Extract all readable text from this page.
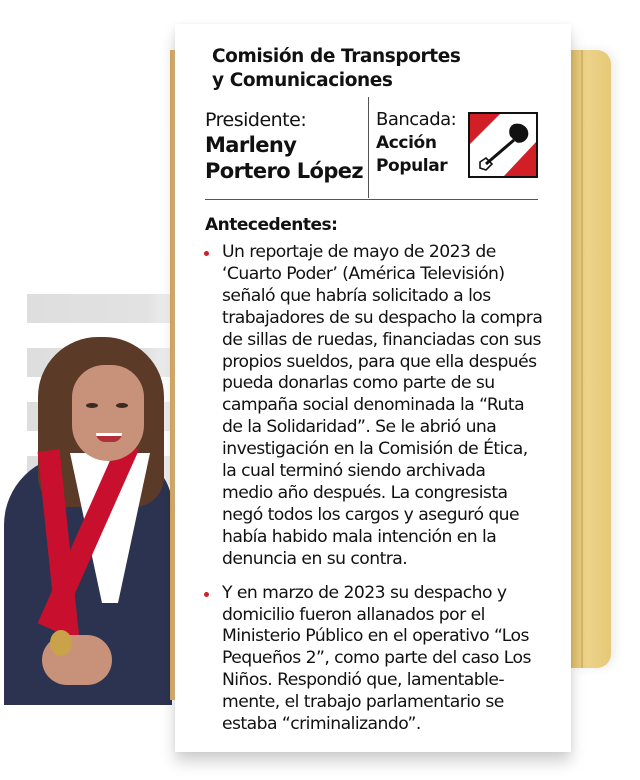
Comisión de Transportes
y Comunicaciones
Presidente:
Marleny
Portero López
Bancada:
Acción
Popular
Antecedentes:
Un reportaje de mayo de 2023 de
‘Cuarto Poder’ (América Televisión)
señaló que habría solicitado a los
trabajadores de su despacho la compra
de sillas de ruedas, financiadas con sus
propios sueldos, para que ella después
pueda donarlas como parte de su
campaña social denominada la “Ruta
de la Solidaridad”. Se le abrió una
investigación en la Comisión de Ética,
la cual terminó siendo archivada
medio año después. La congresista
negó todos los cargos y aseguró que
había habido mala intención en la
denuncia en su contra.
Y en marzo de 2023 su despacho y
domicilio fueron allanados por el
Ministerio Público en el operativo “Los
Pequeños 2”, como parte del caso Los
Niños. Respondió que, lamentable-
mente, el trabajo parlamentario se
estaba “criminalizando”.
